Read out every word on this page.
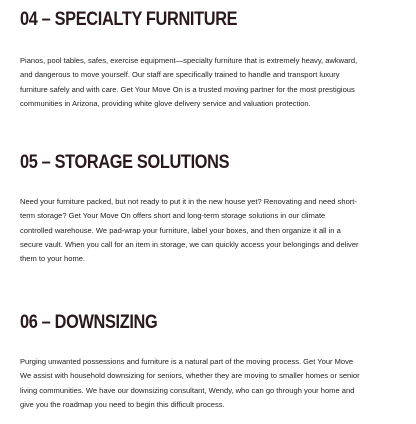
04 – SPECIALTY FURNITURE

Pianos, pool tables, safes, exercise equipment—specialty furniture that is extremely heavy, awkward,
and dangerous to move yourself. Our staff are specifically trained to handle and transport luxury
furniture safely and with care. Get Your Move On is a trusted moving partner for the most prestigious
communities in Arizona, providing white glove delivery service and valuation protection.

05 – STORAGE SOLUTIONS

Need your furniture packed, but not ready to put it in the new house yet? Renovating and need short-
term storage? Get Your Move On offers short and long-term storage solutions in our climate
controlled warehouse. We pad-wrap your furniture, label your boxes, and then organize it all in a
secure vault. When you call for an item in storage, we can quickly access your belongings and deliver
them to your home.

06 – DOWNSIZING

Purging unwanted possessions and furniture is a natural part of the moving process. Get Your Move
We assist with household downsizing for seniors, whether they are moving to smaller homes or senior
living communities. We have our downsizing consultant, Wendy, who can go through your home and
give you the roadmap you need to begin this difficult process.
